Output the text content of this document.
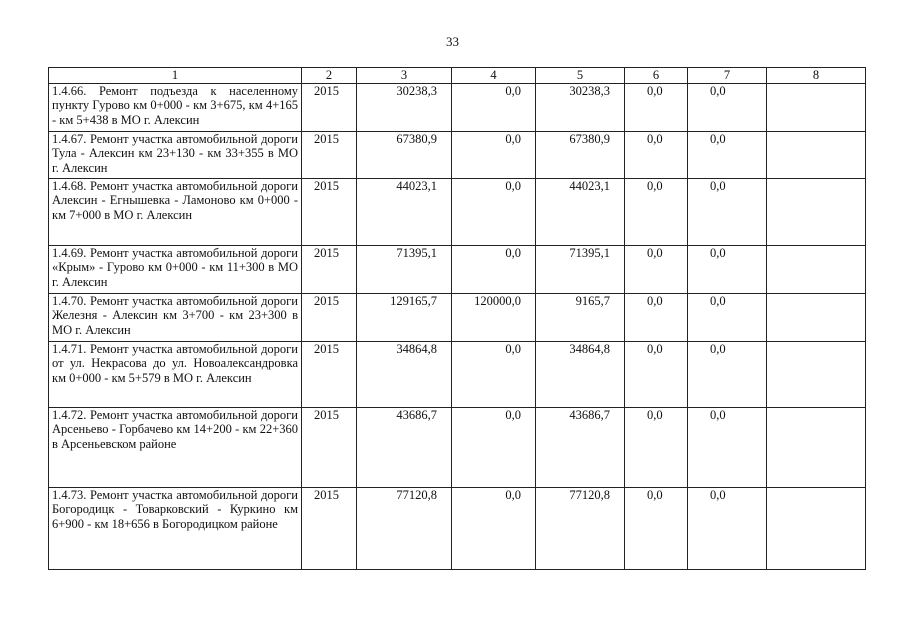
33
1	2	3	4	5	6	7	8
1.4.66. Ремонт подъезда к населенному пункту Гурово км 0+000 - км 3+675, км 4+165 - км 5+438 в МО г. Алексин	2015	30238,3	0,0	30238,3	0,0	0,0	
1.4.67. Ремонт участка автомобильной дороги Тула - Алексин км 23+130 - км 33+355 в МО г. Алексин	2015	67380,9	0,0	67380,9	0,0	0,0	
1.4.68. Ремонт участка автомобильной дороги Алексин - Егнышевка - Ламоново км 0+000 - км 7+000 в МО г. Алексин	2015	44023,1	0,0	44023,1	0,0	0,0	
1.4.69. Ремонт участка автомобильной дороги «Крым» - Гурово км 0+000 - км 11+300 в МО г. Алексин	2015	71395,1	0,0	71395,1	0,0	0,0	
1.4.70. Ремонт участка автомобильной дороги Железня - Алексин км 3+700 - км 23+300 в МО г. Алексин	2015	129165,7	120000,0	9165,7	0,0	0,0	
1.4.71. Ремонт участка автомобильной дороги от ул. Некрасова до ул. Новоалександровка км 0+000 - км 5+579 в МО г. Алексин	2015	34864,8	0,0	34864,8	0,0	0,0	
1.4.72. Ремонт участка автомобильной дороги Арсеньево - Горбачево км 14+200 - км 22+360 в Арсеньевском районе	2015	43686,7	0,0	43686,7	0,0	0,0	
1.4.73. Ремонт участка автомобильной дороги Богородицк - Товарковский - Куркино км 6+900 - км 18+656 в Богородицком районе	2015	77120,8	0,0	77120,8	0,0	0,0	
